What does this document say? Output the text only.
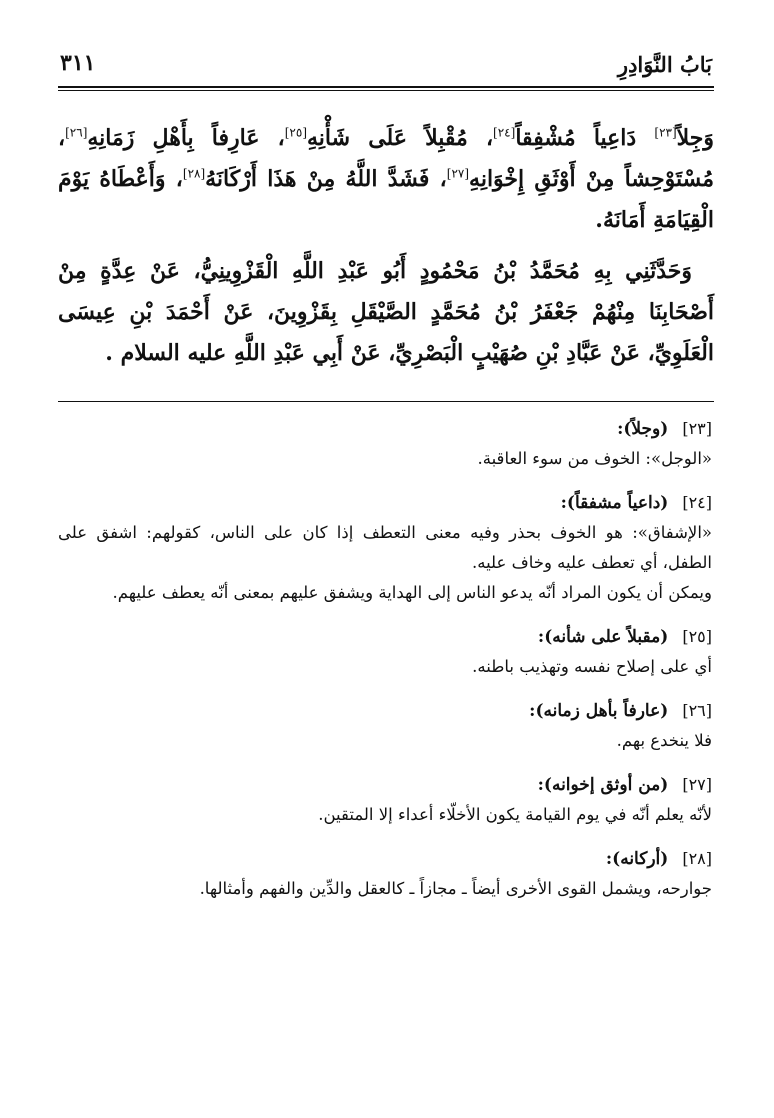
٣١١	بَابُ النَّوَادِرِ

وَجِلاً[٢٣] دَاعِياً مُشْفِقاً[٢٤]، مُقْبِلاً عَلَى شَأْنِهِ[٢٥]، عَارِفاً بِأَهْلِ زَمَانِهِ[٢٦]، مُسْتَوْحِشاً مِنْ أَوْثَقِ إِخْوَانِهِ[٢٧]، فَشَدَّ اللَّهُ مِنْ هَذَا أَرْكَانَهُ[٢٨]، وَأَعْطَاهُ يَوْمَ الْقِيَامَةِ أَمَانَهُ.

وَحَدَّثَنِي بِهِ مُحَمَّدُ بْنُ مَحْمُودٍ أَبُو عَبْدِ اللَّهِ الْقَزْوِينِيُّ، عَنْ عِدَّةٍ مِنْ أَصْحَابِنَا مِنْهُمْ جَعْفَرُ بْنُ مُحَمَّدٍ الصَّيْقَلِ بِقَزْوِينَ، عَنْ أَحْمَدَ بْنِ عِيسَى الْعَلَوِيِّ، عَنْ عَبَّادِ بْنِ صُهَيْبٍ الْبَصْرِيِّ، عَنْ أَبِي عَبْدِ اللَّهِ عليه السلام .

[٢٣]
(وجلاً):

«الوجل»: الخوف من سوء العاقبة.

[٢٤]
(داعياً مشفقاً):

«الإشفاق»: هو الخوف بحذر وفيه معنى التعطف إذا كان على الناس، كقولهم: اشفق على الطفل، أي تعطف عليه وخاف عليه.

ويمكن أن يكون المراد أنّه يدعو الناس إلى الهداية ويشفق عليهم بمعنى أنّه يعطف عليهم.

[٢٥]
(مقبلاً على شأنه):

أي على إصلاح نفسه وتهذيب باطنه.

[٢٦]
(عارفاً بأهل زمانه):

فلا ينخدع بهم.

[٢٧]
(من أوثق إخوانه):

لأنّه يعلم أنّه في يوم القيامة يكون الأخلّاء أعداء إلا المتقين.

[٢٨]
(أركانه):

جوارحه، ويشمل القوى الأخرى أيضاً ـ مجازاً ـ كالعقل والدِّين والفهم وأمثالها.
